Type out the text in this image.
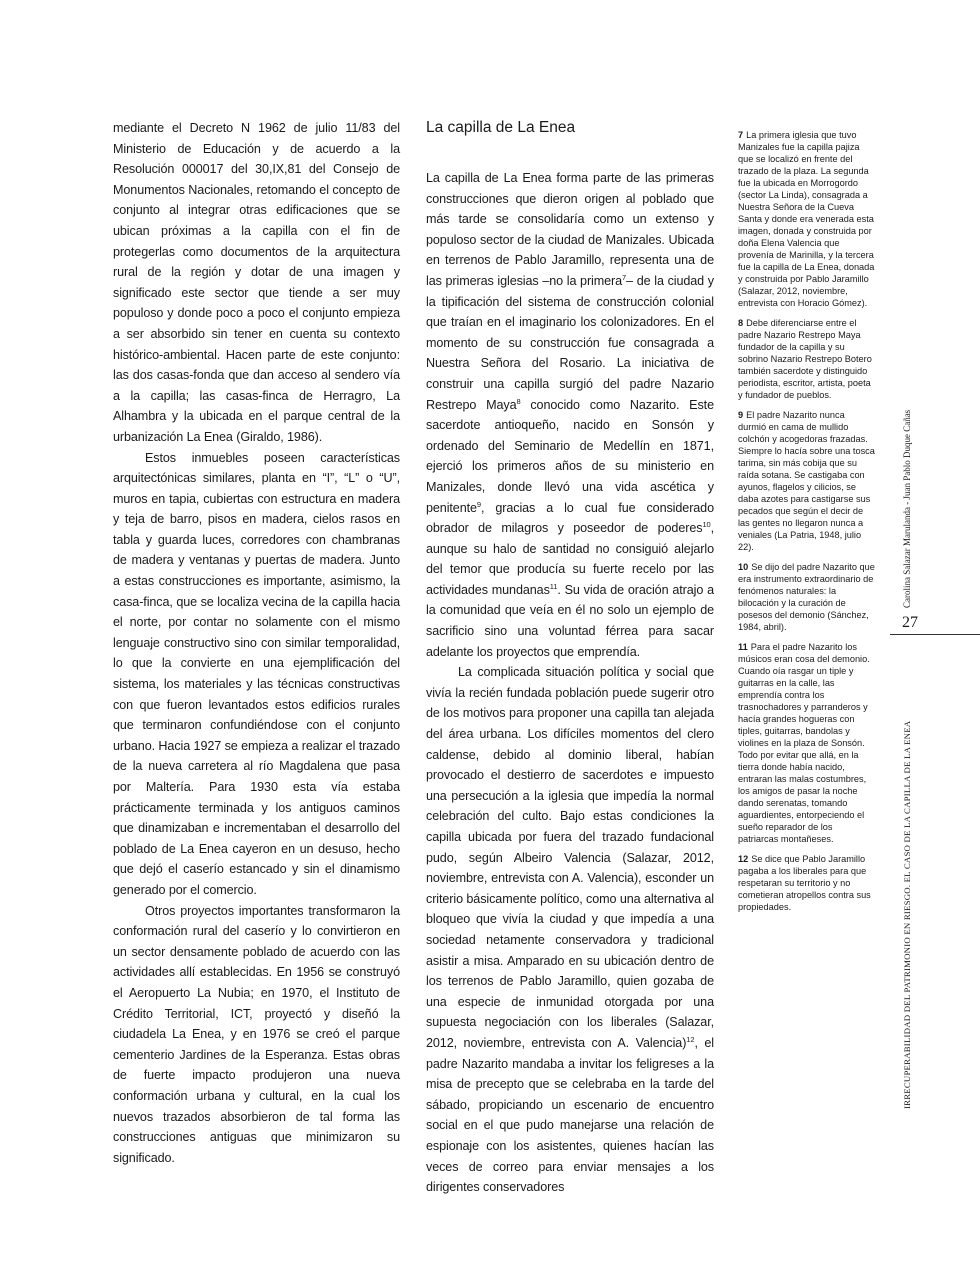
mediante el Decreto N 1962 de julio 11/83 del Ministerio de Educación y de acuerdo a la Resolución 000017 del 30,IX,81 del Consejo de Monumentos Nacionales, retomando el concepto de conjunto al integrar otras edificaciones que se ubican próximas a la capilla con el fin de protegerlas como documentos de la arquitectura rural de la región y dotar de una imagen y significado este sector que tiende a ser muy populoso y donde poco a poco el conjunto empieza a ser absorbido sin tener en cuenta su contexto histórico-ambiental. Hacen parte de este conjunto: las dos casas-fonda que dan acceso al sendero vía a la capilla; las casas-finca de Herragro, La Alhambra y la ubicada en el parque central de la urbanización La Enea (Giraldo, 1986).

Estos inmuebles poseen características arquitectónicas similares, planta en “I”, “L” o “U”, muros en tapia, cubiertas con estructura en madera y teja de barro, pisos en madera, cielos rasos en tabla y guarda luces, corredores con chambranas de madera y ventanas y puertas de madera. Junto a estas construcciones es importante, asimismo, la casa-finca, que se localiza vecina de la capilla hacia el norte, por contar no solamente con el mismo lenguaje constructivo sino con similar temporalidad, lo que la convierte en una ejemplificación del sistema, los materiales y las técnicas constructivas con que fueron levantados estos edificios rurales que terminaron confundiéndose con el conjunto urbano. Hacia 1927 se empieza a realizar el trazado de la nueva carretera al río Magdalena que pasa por Maltería. Para 1930 esta vía estaba prácticamente terminada y los antiguos caminos que dinamizaban e incrementaban el desarrollo del poblado de La Enea cayeron en un desuso, hecho que dejó el caserío estancado y sin el dinamismo generado por el comercio.

Otros proyectos importantes transformaron la conformación rural del caserío y lo convirtieron en un sector densamente poblado de acuerdo con las actividades allí establecidas. En 1956 se construyó el Aeropuerto La Nubia; en 1970, el Instituto de Crédito Territorial, ICT, proyectó y diseñó la ciudadela La Enea, y en 1976 se creó el parque cementerio Jardines de la Esperanza. Estas obras de fuerte impacto produjeron una nueva conformación urbana y cultural, en la cual los nuevos trazados absorbieron de tal forma las construcciones antiguas que minimizaron su significado.

La capilla de La Enea

La capilla de La Enea forma parte de las primeras construcciones que dieron origen al poblado que más tarde se consolidaría como un extenso y populoso sector de la ciudad de Manizales. Ubicada en terrenos de Pablo Jaramillo, representa una de las primeras iglesias –no la primera$^7$– de la ciudad y la tipificación del sistema de construcción colonial que traían en el imaginario los colonizadores. En el momento de su construcción fue consagrada a Nuestra Señora del Rosario. La iniciativa de construir una capilla surgió del padre Nazario Restrepo Maya$^8$ conocido como Nazarito. Este sacerdote antioqueño, nacido en Sonsón y ordenado del Seminario de Medellín en 1871, ejerció los primeros años de su ministerio en Manizales, donde llevó una vida ascética y penitente$^9$, gracias a lo cual fue considerado obrador de milagros y poseedor de poderes$^{10}$, aunque su halo de santidad no consiguió alejarlo del temor que producía su fuerte recelo por las actividades mundanas$^{11}$. Su vida de oración atrajo a la comunidad que veía en él no solo un ejemplo de sacrificio sino una voluntad férrea para sacar adelante los proyectos que emprendía.

La complicada situación política y social que vivía la recién fundada población puede sugerir otro de los motivos para proponer una capilla tan alejada del área urbana. Los difíciles momentos del clero caldense, debido al dominio liberal, habían provocado el destierro de sacerdotes e impuesto una persecución a la iglesia que impedía la normal celebración del culto. Bajo estas condiciones la capilla ubicada por fuera del trazado fundacional pudo, según Albeiro Valencia (Salazar, 2012, noviembre, entrevista con A. Valencia), esconder un criterio básicamente político, como una alternativa al bloqueo que vivía la ciudad y que impedía a una sociedad netamente conservadora y tradicional asistir a misa. Amparado en su ubicación dentro de los terrenos de Pablo Jaramillo, quien gozaba de una especie de inmunidad otorgada por una supuesta negociación con los liberales (Salazar, 2012, noviembre, entrevista con A. Valencia)$^{12}$, el padre Nazarito mandaba a invitar los feligreses a la misa de precepto que se celebraba en la tarde del sábado, propiciando un escenario de encuentro social en el que pudo manejarse una relación de espionaje con los asistentes, quienes hacían las veces de correo para enviar mensajes a los dirigentes conservadores

7 La primera iglesia que tuvo Manizales fue la capilla pajiza que se localizó en frente del trazado de la plaza. La segunda fue la ubicada en Morrogordo (sector La Linda), consagrada a Nuestra Señora de la Cueva Santa y donde era venerada esta imagen, donada y construida por doña Elena Valencia que provenía de Marinilla, y la tercera fue la capilla de La Enea, donada y construida por Pablo Jaramillo (Salazar, 2012, noviembre, entrevista con Horacio Gómez).

8 Debe diferenciarse entre el padre Nazario Restrepo Maya fundador de la capilla y su sobrino Nazario Restrepo Botero también sacerdote y distinguido periodista, escritor, artista, poeta y fundador de pueblos.

9 El padre Nazarito nunca durmió en cama de mullido colchón y acogedoras frazadas. Siempre lo hacía sobre una tosca tarima, sin más cobija que su raída sotana. Se castigaba con ayunos, flagelos y cilicios, se daba azotes para castigarse sus pecados que según el decir de las gentes no llegaron nunca a veniales (La Patria, 1948, julio 22).

10 Se dijo del padre Nazarito que era instrumento extraordinario de fenómenos naturales: la bilocación y la curación de posesos del demonio (Sánchez, 1984, abril).

11 Para el padre Nazarito los músicos eran cosa del demonio. Cuando oía rasgar un tiple y guitarras en la calle, las emprendía contra los trasnochadores y parranderos y hacía grandes hogueras con tiples, guitarras, bandolas y violines en la plaza de Sonsón. Todo por evitar que allá, en la tierra donde había nacido, entraran las malas costumbres, los amigos de pasar la noche dando serenatas, tomando aguardientes, entorpeciendo el sueño reparador de los patriarcas montañeses.

12 Se dice que Pablo Jaramillo pagaba a los liberales para que respetaran su territorio y no cometieran atropellos contra sus propiedades.

Carolina Salazar Marulanda - Juan Pablo Duque Cañas
27
IRRECUPERABILIDAD DEL PATRIMONIO EN RIESGO. EL CASO DE LA CAPILLA DE LA ENEA
